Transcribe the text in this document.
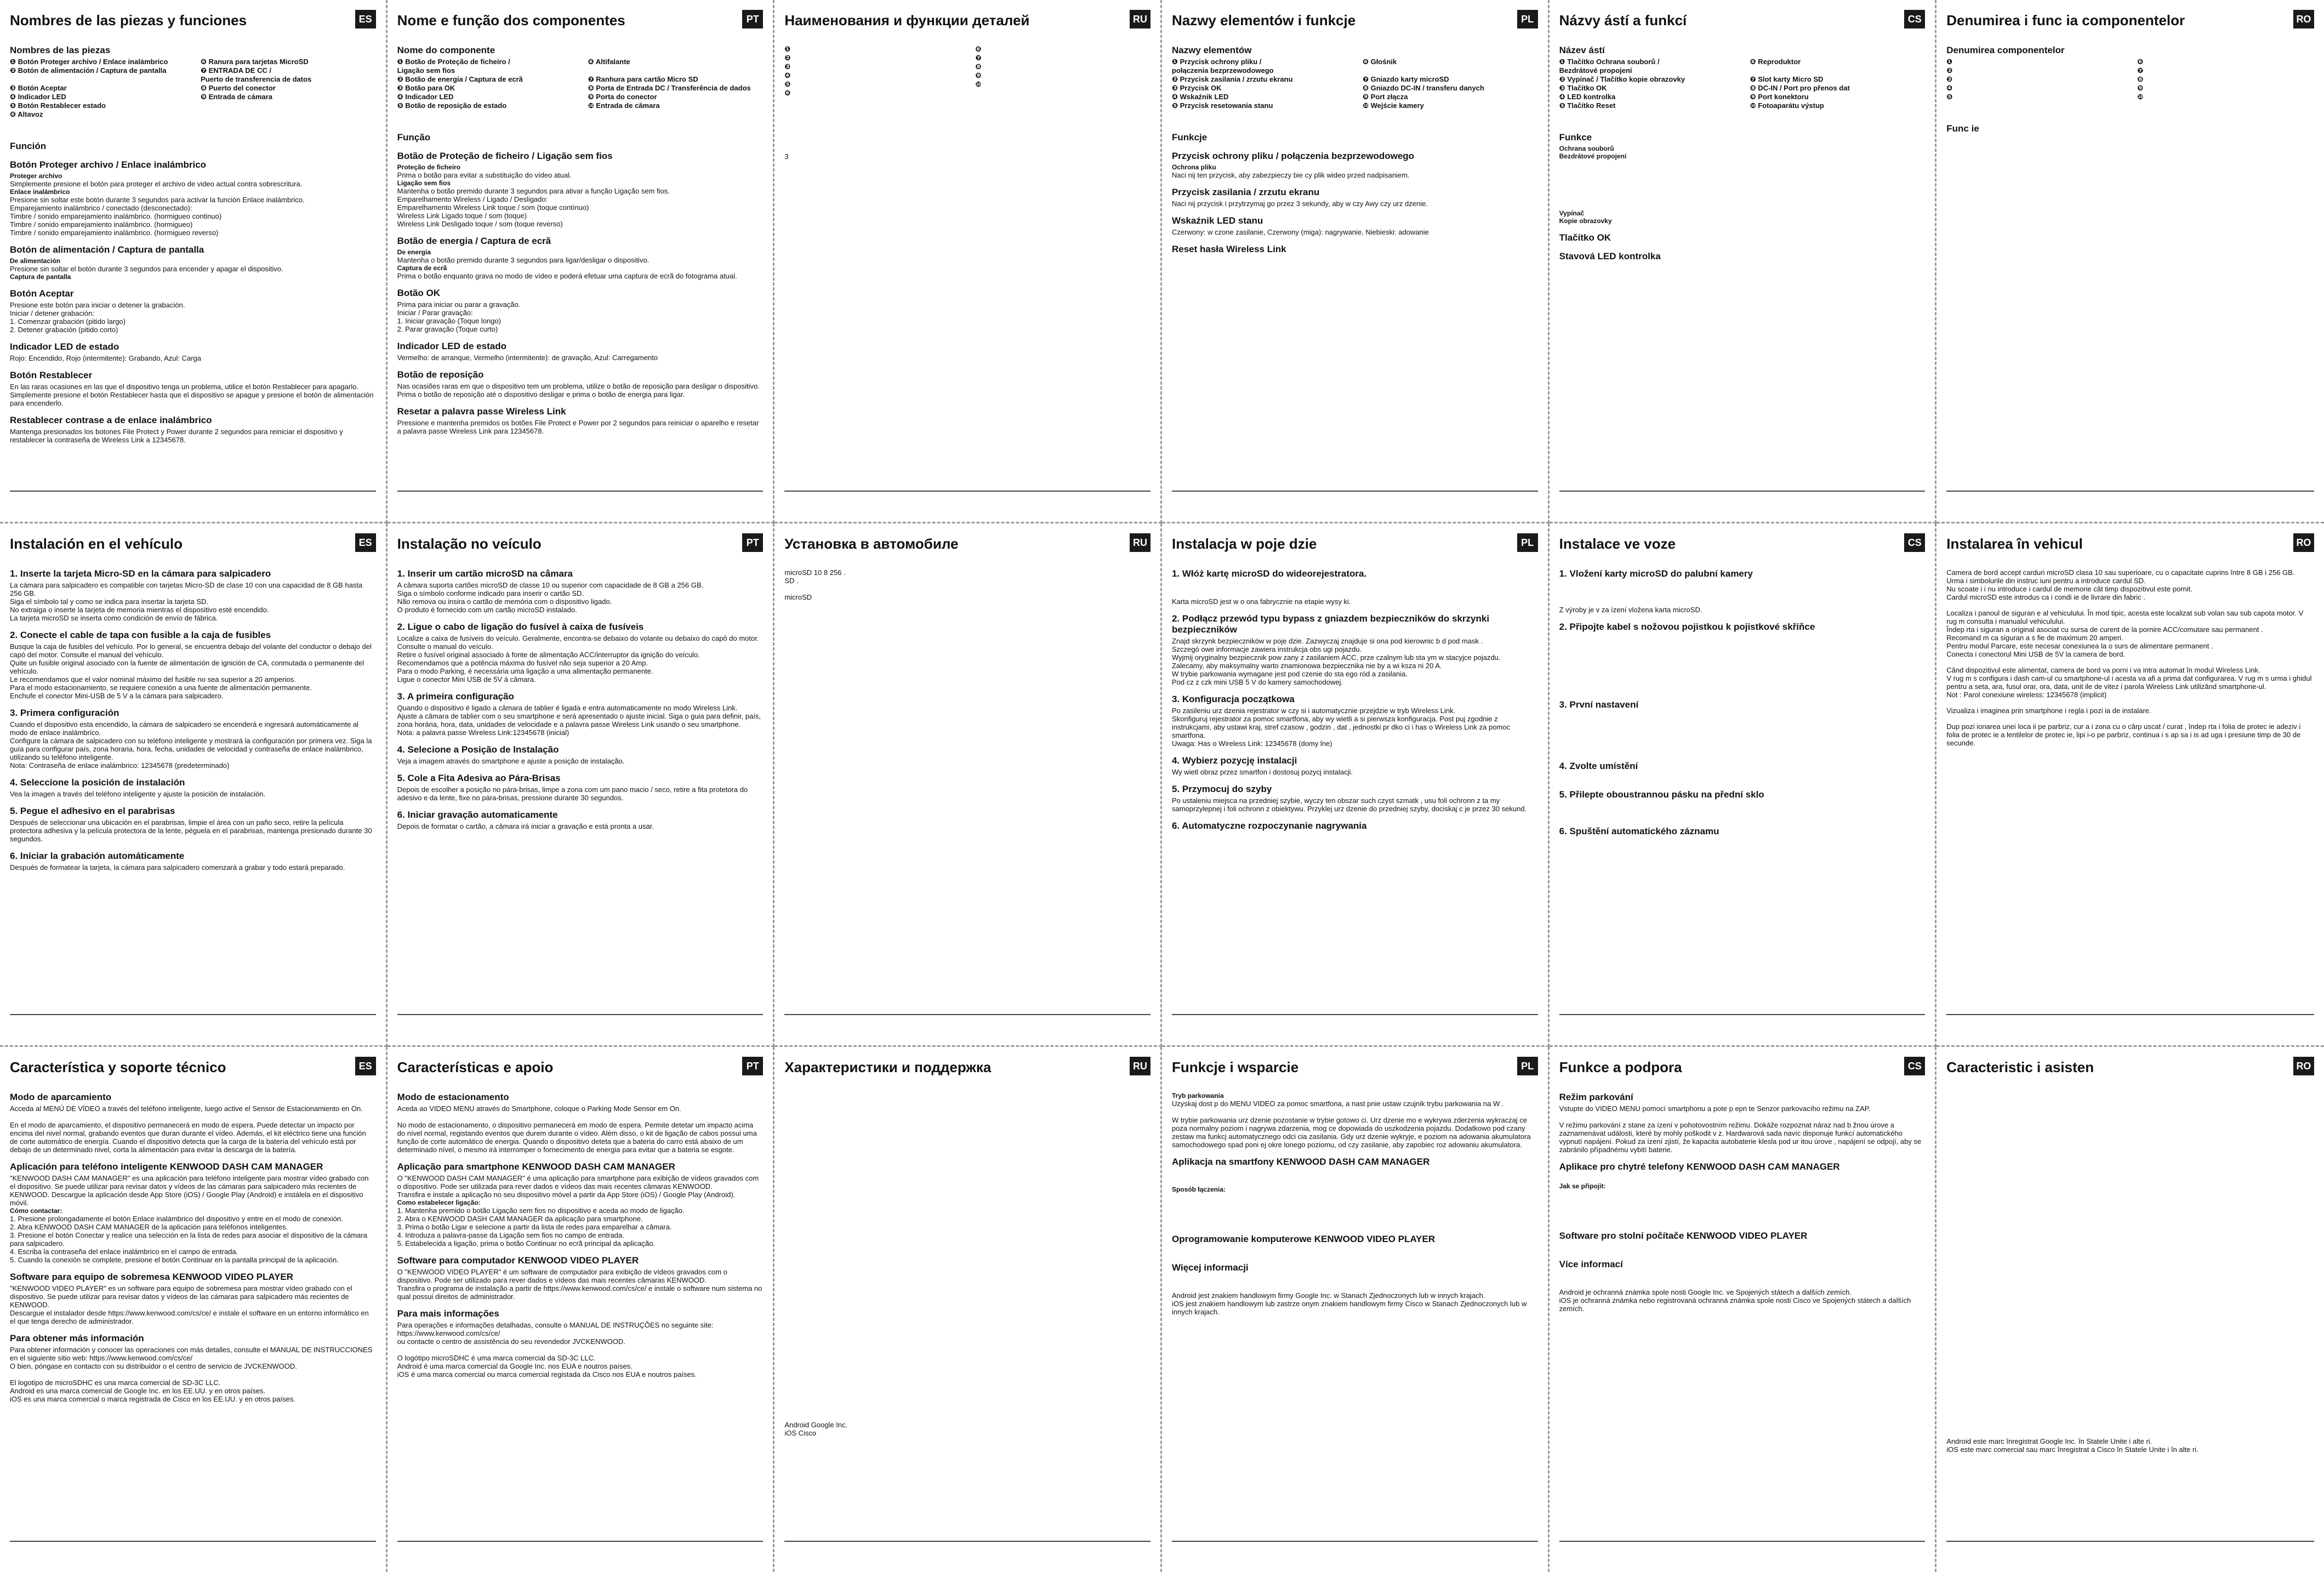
Nombres de las piezas y funciones	ES
Nombres de las piezas
❶ Botón Proteger archivo / Enlace inalámbrico	❻ Ranura para tarjetas MicroSD
❷ Botón de alimentación / Captura de pantalla	❼ ENTRADA DE CC /
Puerto de transferencia de datos
❸ Botón Aceptar	❽ Puerto del conector
❹ Indicador LED	❾ Entrada de cámara
❺ Botón Restablecer estado
❻ Altavoz
Función
Botón Proteger archivo / Enlace inalámbrico
Proteger archivo
Simplemente presione el botón para proteger el archivo de video actual contra sobrescritura.
Enlace inalámbrico
Presione sin soltar este botón durante 3 segundos para activar la función Enlace inalámbrico.
Emparejamiento inalámbrico / conectado (desconectado):
Timbre / sonido emparejamiento inalámbrico. (hormigueo continuo)
Timbre / sonido emparejamiento inalámbrico. (hormigueo)
Timbre / sonido emparejamiento inalámbrico. (hormigueo reverso)
Botón de alimentación / Captura de pantalla
De alimentación
Presione sin soltar el botón durante 3 segundos para encender y apagar el dispositivo.
Captura de pantalla
Botón Aceptar
Presione este botón para iniciar o detener la grabación.
Iniciar / detener grabación:
1. Comenzar grabación (pitido largo)
2. Detener grabación (pitido corto)
Indicador LED de estado
Rojo: Encendido, Rojo (intermitente): Grabando, Azul: Carga
Botón Restablecer
En las raras ocasiones en las que el dispositivo tenga un problema, utilice el botón Restablecer para apagarlo. Simplemente presione el botón Restablecer hasta que el dispositivo se apague y presione el botón de alimentación para encenderlo.
Restablecer contrase a de enlace inalámbrico
Mantenga presionados los botones File Protect y Power durante 2 segundos para reiniciar el dispositivo y restablecer la contraseña de Wireless Link a 12345678.
Nome e função dos componentes	PT
Nome do componente
❶ Botão de Proteção de ficheiro /
Ligação sem fios
❻ Altifalante
❷ Botão de energia / Captura de ecrã	❼ Ranhura para cartão Micro SD
❸ Botão para OK	❽ Porta de Entrada DC / Transferência de dados
❹ Indicador LED	❾ Porta do conector
❺ Botão de reposição de estado	❿ Entrada de câmara
Função
Botão de Proteção de ficheiro / Ligação sem fios
Proteção de ficheiro
Prima o botão para evitar a substituição do vídeo atual.
Ligação sem fios
Mantenha o botão premido durante 3 segundos para ativar a função Ligação sem fios.
Emparelhamento Wireless / Ligado / Desligado:
Emparelhamento Wireless Link toque / som (toque contínuo)
Wireless Link Ligado toque / som (toque)
Wireless Link Desligado toque / som (toque reverso)
Botão de energia / Captura de ecrã
De energia
Mantenha o botão premido durante 3 segundos para ligar/desligar o dispositivo.
Captura de ecrã
Prima o botão enquanto grava no modo de vídeo e poderá efetuar uma captura de ecrã do fotograma atual.
Botão OK
Prima para iniciar ou parar a gravação.
Iniciar / Parar gravação:
1. Iniciar gravação (Toque longo)
2. Parar gravação (Toque curto)
Indicador LED de estado
Vermelho: de arranque, Vermelho (intermitente): de gravação, Azul: Carregamento
Botão de reposição
Nas ocasiões raras em que o dispositivo tem um problema, utilize o botão de reposição para desligar o dispositivo. Prima o botão de reposição até o dispositivo desligar e prima o botão de energia para ligar.
Resetar a palavra passe Wireless Link
Pressione e mantenha premidos os botões File Protect e Power por 2 segundos para reiniciar o aparelho e resetar a palavra passe Wireless Link para 12345678.
Наименования и функции деталей	RU
❶	❻
❷	❼
❸	❽
❹	❾
❺	❿
❻

3

Nazwy elementów i funkcje	PL
Nazwy elementów
❶ Przycisk ochrony pliku /
połączenia bezprzewodowego
❻ Głośnik
❷ Przycisk zasilania / zrzutu ekranu	❼ Gniazdo karty microSD
❸ Przycisk OK	❽ Gniazdo DC-IN / transferu danych
❹ Wskaźnik LED	❾ Port złącza
❺ Przycisk resetowania stanu	❿ Wejście kamery
Funkcje
Przycisk ochrony pliku / połączenia bezprzewodowego
Ochrona pliku
Naci nij ten przycisk, aby zabezpieczy bie cy plik wideo przed nadpisaniem.
Przycisk zasilania / zrzutu ekranu
Naci nij przycisk i przytrzymaj go przez 3 sekundy, aby w czy Awy czy urz dzenie.
Wskaźnik LED stanu
Czerwony: w czone zasilanie, Czerwony (miga): nagrywanie, Niebieski: adowanie
Reset hasła Wireless Link
Názvy ástí a funkcí	CS
Název ástí
❶ Tlačítko Ochrana souborů /
Bezdrátové propojení
❻ Reproduktor
❷ Vypínač / Tlačítko kopie obrazovky	❼ Slot karty Micro SD
❸ Tlačítko OK	❽ DC-IN / Port pro přenos dat
❹ LED kontrolka	❾ Port konektoru
❺ Tlačítko Reset	❿ Fotoaparátu výstup
Funkce
Ochrana souborů
Bezdrátové propojení

Vypínač
Kopie obrazovky
Tlačítko OK
Stavová LED kontrolka
Denumirea i func ia componentelor	RO
Denumirea componentelor
❶	❻
❷	❼
❸	❽
❹	❾
❺	❿
Func ie
Instalación en el vehículo	ES
1. Inserte la tarjeta Micro-SD en la cámara para salpicadero
La cámara para salpicadero es compatible con tarjetas Micro-SD de clase 10 con una capacidad de 8 GB hasta 256 GB.
Siga el símbolo tal y como se indica para insertar la tarjeta SD.
No extraiga o inserte la tarjeta de memoria mientras el dispositivo esté encendido.
La tarjeta microSD se inserta como condición de envío de fábrica.
2. Conecte el cable de tapa con fusible a la caja de fusibles
Busque la caja de fusibles del vehículo. Por lo general, se encuentra debajo del volante del conductor o debajo del capó del motor. Consulte el manual del vehículo.
Quite un fusible original asociado con la fuente de alimentación de ignición de CA, conmutada o permanente del vehículo.
Le recomendamos que el valor nominal máximo del fusible no sea superior a 20 amperios.
Para el modo estacionamiento, se requiere conexión a una fuente de alimentación permanente.
Enchufe el conector Mini-USB de 5 V a la cámara para salpicadero.
3. Primera configuración
Cuando el dispositivo esta encendido, la cámara de salpicadero se encenderá e ingresará automáticamente al modo de enlace inalámbrico.
Configure la cámara de salpicadero con su teléfono inteligente y mostrará la configuración por primera vez. Siga la guía para configurar país, zona horaria, hora, fecha, unidades de velocidad y contraseña de enlace inalámbrico, utilizando su teléfono inteligente.
Nota: Contraseña de enlace inalámbrico: 12345678 (predeterminado)
4. Seleccione la posición de instalación
Vea la imagen a través del teléfono inteligente y ajuste la posición de instalación.
5. Pegue el adhesivo en el parabrisas
Después de seleccionar una ubicación en el parabrisas, limpie el área con un paño seco, retire la película protectora adhesiva y la película protectora de la lente, péguela en el parabrisas, mantenga presionado durante 30 segundos.
6. Iniciar la grabación automáticamente
Después de formatear la tarjeta, la cámara para salpicadero comenzará a grabar y todo estará preparado.
Instalação no veículo	PT
1. Inserir um cartão microSD na câmara
A câmara suporta cartões microSD de classe 10 ou superior com capacidade de 8 GB a 256 GB.
Siga o símbolo conforme indicado para inserir o cartão SD.
Não remova ou insira o cartão de memória com o dispositivo ligado.
O produto é fornecido com um cartão microSD instalado.
2. Ligue o cabo de ligação do fusível à caixa de fusíveis
Localize a caixa de fusíveis do veículo. Geralmente, encontra-se debaixo do volante ou debaixo do capô do motor. Consulte o manual do veículo.
Retire o fusível original associado à fonte de alimentação ACC/interruptor da ignição do veículo.
Recomendamos que a potência máxima do fusível não seja superior a 20 Amp.
Para o modo Parking, é necessária uma ligação a uma alimentação permanente.
Ligue o conector Mini USB de 5V à câmara.
3. A primeira configuração
Quando o dispositivo é ligado a câmara de tablier é ligada e entra automaticamente no modo Wireless Link.
Ajuste a câmara de tablier com o seu smartphone e será apresentado o ajuste inicial. Siga o guia para definir, país, zona horária, hora, data, unidades de velocidade e a palavra passe Wireless Link usando o seu smartphone.
Nota: a palavra passe Wireless Link:12345678 (inicial)
4. Selecione a Posição de Instalação
Veja a imagem através do smartphone e ajuste a posição de instalação.
5. Cole a Fita Adesiva ao Pára-Brisas
Depois de escolher a posição no pára-brisas, limpe a zona com um pano macio / seco, retire a fita protetora do adesivo e da lente, fixe no pára-brisas, pressione durante 30 segundos.
6. Iniciar gravação automaticamente
Depois de formatar o cartão, a câmara irá iniciar a gravação e está pronta a usar.
Установка в автомобиле	RU
microSD 10 8 256 .
SD .

microSD
Instalacja w poje dzie	PL
1. Włóż kartę microSD do wideorejestratora.

Karta microSD jest w o ona fabrycznie na etapie wysy ki.
2. Podłącz przewód typu bypass z gniazdem bezpieczników do skrzynki bezpieczników
Znajd skrzynk bezpieczników w poje dzie. Zazwyczaj znajduje si ona pod kierownic b d pod mask .
Szczegó owe informacje zawiera instrukcja obs ugi pojazdu.
Wyjmij oryginalny bezpiecznik pow zany z zasilaniem ACC, prze czalnym lub sta ym w stacyjce pojazdu.
Zalecamy, aby maksymalny warto znamionowa bezpiecznika nie by a wi ksza ni 20 A.
W trybie parkowania wymagane jest pod czenie do sta ego ród a zasilania.
Pod cz z czk mini USB 5 V do kamery samochodowej.
3. Konfiguracja początkowa
Po zasileniu urz dzenia rejestrator w czy si i automatycznie przejdzie w tryb Wireless Link.
Skonfiguruj rejestrator za pomoc smartfona, aby wy wietli a si pierwsza konfiguracja. Post puj zgodnie z instrukcjami, aby ustawi kraj, stref czasow , godzin , dat , jednostki pr dko ci i has o Wireless Link za pomoc smartfona.
Uwaga: Has o Wireless Link: 12345678 (domy lne)
4. Wybierz pozycję instalacji
Wy wietl obraz przez smartfon i dostosuj pozycj instalacji.
5. Przymocuj do szyby
Po ustaleniu miejsca na przedniej szybie, wyczy ten obszar such czyst szmatk , usu foli ochronn z ta my samoprzylepnej i foli ochronn z obiektywu. Przyklej urz dzenie do przedniej szyby, dociskaj c je przez 30 sekund.
6. Automatyczne rozpoczynanie nagrywania
Instalace ve voze	CS
1. Vložení karty microSD do palubní kamery

Z výroby je v za ízení vložena karta microSD.
2. Připojte kabel s nožovou pojistkou k pojistkové skříňce

3. První nastavení

4. Zvolte umístění

5. Přilepte oboustrannou pásku na přední sklo

6. Spuštění automatického záznamu
Instalarea în vehicul	RO
Camera de bord accept carduri microSD clasa 10 sau superioare, cu o capacitate cuprins între 8 GB i 256 GB.
Urma i simbolurile din instruc iuni pentru a introduce cardul SD.
Nu scoate i i nu introduce i cardul de memorie cât timp dispozitivul este pornit.
Cardul microSD este introdus ca i condi ie de livrare din fabric .
Localiza i panoul de siguran e al vehiculului. În mod tipic, acesta este localizat sub volan sau sub capota motor. V rug m consulta i manualul vehiculului.
Îndep rta i siguran a original asociat cu sursa de curent de la pornire ACC/comutare sau permanent .
Recomand m ca siguran a s fie de maximum 20 amperi.
Pentru modul Parcare, este necesar conexiunea la o surs de alimentare permanent .
Conecta i conectorul Mini USB de 5V la camera de bord.
Când dispozitivul este alimentat, camera de bord va porni i va intra automat în modul Wireless Link.
V rug m s configura i dash cam-ul cu smartphone-ul i acesta va afi a prima dat configurarea. V rug m s urma i ghidul pentru a seta, ara, fusul orar, ora, data, unit ile de vitez i parola Wireless Link utilizând smartphone-ul.
Not : Parol conexiune wireless: 12345678 (implicit)
Vizualiza i imaginea prin smartphone i regla i pozi ia de instalare.
Dup pozi ionarea unei loca ii pe parbriz, cur a i zona cu o cârp uscat / curat , îndep rta i folia de protec ie adeziv i folia de protec ie a lentilelor de protec ie, lipi i-o pe parbriz, continua i s ap sa i is ad uga i presiune timp de 30 de secunde.
Característica y soporte técnico	ES
Modo de aparcamiento
Acceda al MENÚ DE VÍDEO a través del teléfono inteligente, luego active el Sensor de Estacionamiento en On.

En el modo de aparcamiento, el dispositivo permanecerá en modo de espera. Puede detectar un impacto por encima del nivel normal, grabando eventos que duran durante el vídeo. Además, el kit eléctrico tiene una función de corte automático de energía. Cuando el dispositivo detecta que la carga de la batería del vehículo está por debajo de un determinado nivel, corta la alimentación para evitar la descarga de la batería.
Aplicación para teléfono inteligente KENWOOD DASH CAM MANAGER
"KENWOOD DASH CAM MANAGER" es una aplicación para teléfono inteligente para mostrar vídeo grabado con el dispositivo. Se puede utilizar para revisar datos y vídeos de las cámaras para salpicadero más recientes de KENWOOD. Descargue la aplicación desde App Store (iOS) / Google Play (Android) e instálela en el dispositivo móvil.
Cómo contactar:
1. Presione prolongadamente el botón Enlace inalámbrico del dispositivo y entre en el modo de conexión.
2. Abra KENWOOD DASH CAM MANAGER de la aplicación para teléfonos inteligentes.
3. Presione el botón Conectar y realice una selección en la lista de redes para asociar el dispositivo de la cámara para salpicadero.
4. Escriba la contraseña del enlace inalámbrico en el campo de entrada.
5. Cuando la conexión se complete, presione el botón Continuar en la pantalla principal de la aplicación.
Software para equipo de sobremesa KENWOOD VIDEO PLAYER
"KENWOOD VIDEO PLAYER" es un software para equipo de sobremesa para mostrar vídeo grabado con el dispositivo. Se puede utilizar para revisar datos y vídeos de las cámaras para salpicadero más recientes de KENWOOD.
Descargue el instalador desde https://www.kenwood.com/cs/ce/ e instale el software en un entorno informático en el que tenga derecho de administrador.
Para obtener más información
Para obtener información y conocer las operaciones con más detalles, consulte el MANUAL DE INSTRUCCIONES en el siguiente sitio web: https://www.kenwood.com/cs/ce/
O bien, póngase en contacto con su distribuidor o el centro de servicio de JVCKENWOOD.

El logotipo de microSDHC es una marca comercial de SD-3C LLC.
Android es una marca comercial de Google Inc. en los EE.UU. y en otros países.
iOS es una marca comercial o marca registrada de Cisco en los EE.UU. y en otros países.
Características e apoio	PT
Modo de estacionamento
Aceda ao VIDEO MENU através do Smartphone, coloque o Parking Mode Sensor em On.

No modo de estacionamento, o dispositivo permanecerá em modo de espera. Permite detetar um impacto acima do nível normal, registando eventos que durem durante o vídeo. Além disso, o kit de ligação de cabos possui uma função de corte automático de energia. Quando o dispositivo deteta que a bateria do carro está abaixo de um determinado nível, o mesmo irá interromper o fornecimento de energia para evitar que a bateria se esgote.
Aplicação para smartphone KENWOOD DASH CAM MANAGER
O "KENWOOD DASH CAM MANAGER" é uma aplicação para smartphone para exibição de vídeos gravados com o dispositivo. Pode ser utilizada para rever dados e vídeos das mais recentes câmaras KENWOOD.
Transfira e instale a aplicação no seu dispositivo móvel a partir da App Store (iOS) / Google Play (Android).
Como estabelecer ligação:
1. Mantenha premido o botão Ligação sem fios no dispositivo e aceda ao modo de ligação.
2. Abra o KENWOOD DASH CAM MANAGER da aplicação para smartphone.
3. Prima o botão Ligar e selecione a partir da lista de redes para emparelhar a câmara.
4. Introduza a palavra-passe da Ligação sem fios no campo de entrada.
5. Estabelecida a ligação, prima o botão Continuar no ecrã principal da aplicação.
Software para computador KENWOOD VIDEO PLAYER
O "KENWOOD VIDEO PLAYER" é um software de computador para exibição de vídeos gravados com o dispositivo. Pode ser utilizado para rever dados e vídeos das mais recentes câmaras KENWOOD.
Transfira o programa de instalação a partir de https://www.kenwood.com/cs/ce/ e instale o software num sistema no qual possui direitos de administrador.
Para mais informações
Para operações e informações detalhadas, consulte o MANUAL DE INSTRUÇÕES no seguinte site: https://www.kenwood.com/cs/ce/
ou contacte o centro de assistência do seu revendedor JVCKENWOOD.

O logótipo microSDHC é uma marca comercial da SD-3C LLC.
Android é uma marca comercial da Google Inc. nos EUA e noutros países.
iOS é uma marca comercial ou marca comercial registada da Cisco nos EUA e noutros países.
Характеристики и поддержка	RU

Android Google Inc.
iOS Cisco
Funkcje i wsparcie	PL
Tryb parkowania
Uzyskaj dost p do MENU VIDEO za pomoc smartfona, a nast pnie ustaw czujnik trybu parkowania na W .

W trybie parkowania urz dzenie pozostanie w trybie gotowo ci. Urz dzenie mo e wykrywa zderzenia wykraczaj ce poza normalny poziom i nagrywa zdarzenia, mog ce dopowiada do uszkodzenia pojazdu. Dodatkowo pod czany zestaw ma funkcj automatycznego odci cia zasilania. Gdy urz dzenie wykryje, e poziom na adowania akumulatora samochodowego spad poni ej okre lonego poziomu, od czy zasilanie, aby zapobiec roz adowaniu akumulatora.
Aplikacja na smartfony KENWOOD DASH CAM MANAGER

Sposób łączenia:

Oprogramowanie komputerowe KENWOOD VIDEO PLAYER

Więcej informacji

Android jest znakiem handlowym firmy Google Inc. w Stanach Zjednoczonych lub w innych krajach.
iOS jest znakiem handlowym lub zastrze onym znakiem handlowym firmy Cisco w Stanach Zjednoczonych lub w innych krajach.
Funkce a podpora	CS
Režim parkování
Vstupte do VIDEO MENU pomocí smartphonu a pote p epn te Senzor parkovacího režimu na ZAP.

V režimu parkování z stane za ízení v pohotovostním režimu. Dokáže rozpoznat náraz nad b žnou úrove a zaznamenávat události, které by mohly poškodit v z. Hardwarová sada navíc disponuje funkcí automatického vypnutí napájení. Pokud za ízení zjistí, že kapacita autobaterie klesla pod ur itou úrove , napájení se odpojí, aby se zabránilo případnému vybití baterie.
Aplikace pro chytré telefony KENWOOD DASH CAM MANAGER

Jak se připojit:

Software pro stolní počítače KENWOOD VIDEO PLAYER

Více informací

Android je ochranná známka spole nosti Google Inc. ve Spojených státech a dalších zemích.
iOS je ochranná známka nebo registrovaná ochranná známka spole nosti Cisco ve Spojených státech a dalších zemích.
Caracteristic i asisten	RO

Android este marc înregistrat Google Inc. în Statele Unite i alte ri.
iOS este marc comercial sau marc înregistrat a Cisco în Statele Unite i în alte ri.
